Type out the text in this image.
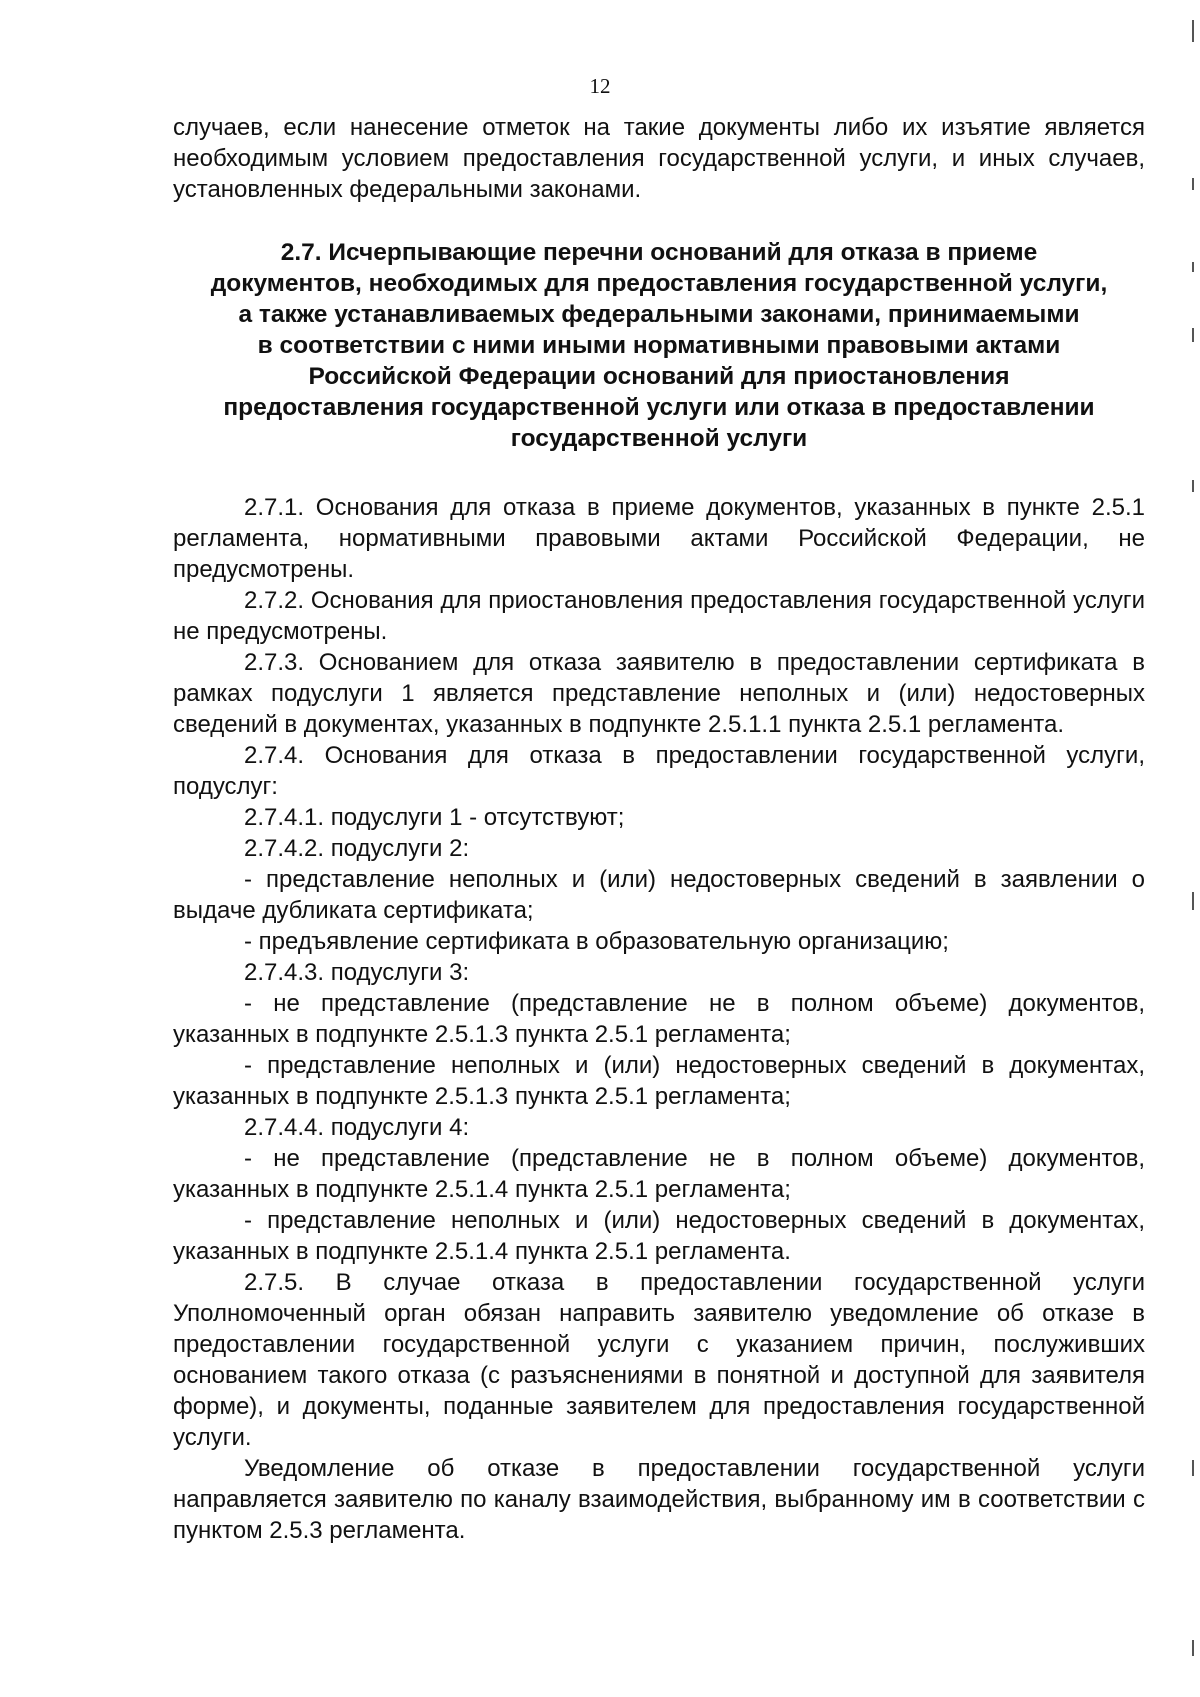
12

случаев, если нанесение отметок на такие документы либо их изъятие является необходимым условием предоставления государственной услуги, и иных случаев, установленных федеральными законами.

2.7. Исчерпывающие перечни оснований для отказа в приеме
документов, необходимых для предоставления государственной услуги,
а также устанавливаемых федеральными законами, принимаемыми
в соответствии с ними иными нормативными правовыми актами
Российской Федерации оснований для приостановления
предоставления государственной услуги или отказа в предоставлении
государственной услуги

2.7.1. Основания для отказа в приеме документов, указанных в пункте 2.5.1 регламента, нормативными правовыми актами Российской Федерации, не предусмотрены.

2.7.2. Основания для приостановления предоставления государственной услуги не предусмотрены.

2.7.3. Основанием для отказа заявителю в предоставлении сертификата в рамках подуслуги 1 является представление неполных и (или) недостоверных сведений в документах, указанных в подпункте 2.5.1.1 пункта 2.5.1 регламента.

2.7.4. Основания для отказа в предоставлении государственной услуги, подуслуг:

2.7.4.1. подуслуги 1 - отсутствуют;

2.7.4.2. подуслуги 2:

- представление неполных и (или) недостоверных сведений в заявлении о выдаче дубликата сертификата;

- предъявление сертификата в образовательную организацию;

2.7.4.3. подуслуги 3:

- не представление (представление не в полном объеме) документов, указанных в подпункте 2.5.1.3 пункта 2.5.1 регламента;

- представление неполных и (или) недостоверных сведений в документах, указанных в подпункте 2.5.1.3 пункта 2.5.1 регламента;

2.7.4.4. подуслуги 4:

- не представление (представление не в полном объеме) документов, указанных в подпункте 2.5.1.4 пункта 2.5.1 регламента;

- представление неполных и (или) недостоверных сведений в документах, указанных в подпункте 2.5.1.4 пункта 2.5.1 регламента.

2.7.5. В случае отказа в предоставлении государственной услуги Уполномоченный орган обязан направить заявителю уведомление об отказе в предоставлении государственной услуги с указанием причин, послуживших основанием такого отказа (с разъяснениями в понятной и доступной для заявителя форме), и документы, поданные заявителем для предоставления государственной услуги.

Уведомление об отказе в предоставлении государственной услуги направляется заявителю по каналу взаимодействия, выбранному им в соответствии с пунктом 2.5.3 регламента.
